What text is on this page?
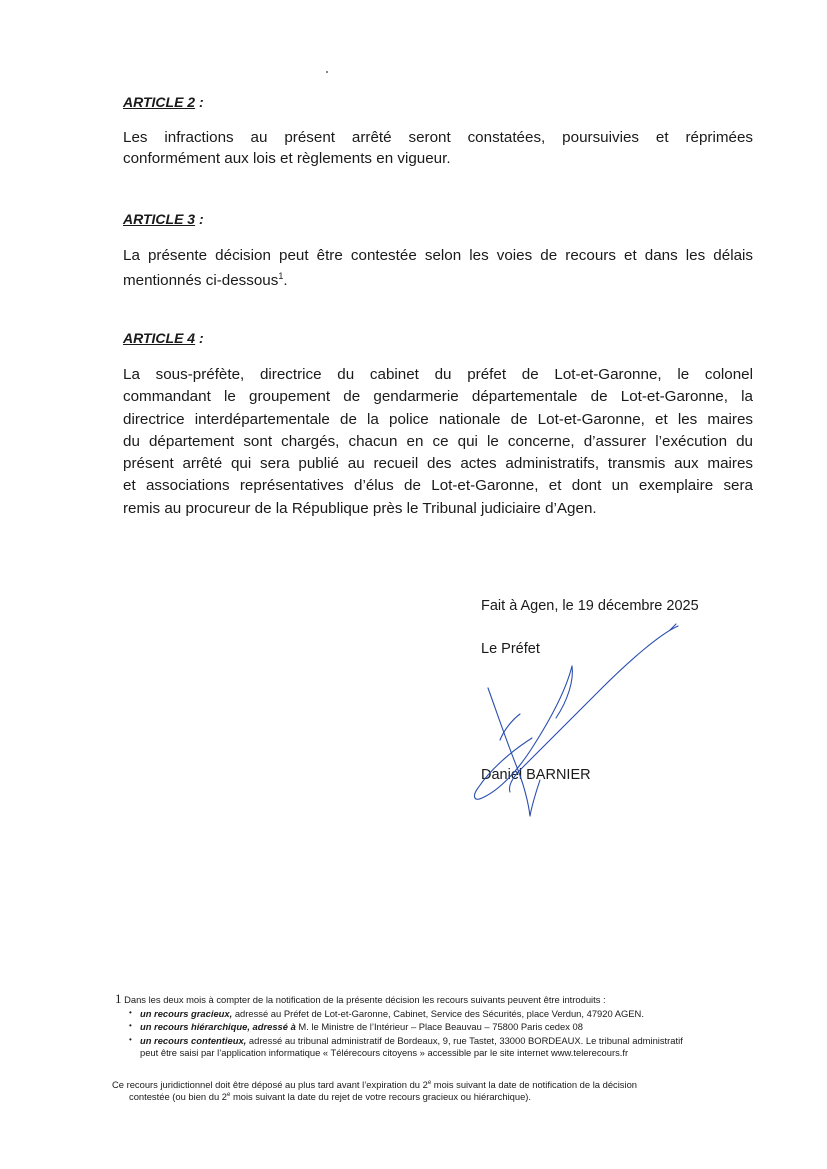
ARTICLE 2 :
Les infractions au présent arrêté seront constatées, poursuivies et réprimées
conformément aux lois et règlements en vigueur.
ARTICLE 3 :
La présente décision peut être contestée selon les voies de recours et dans les délais
mentionnés ci-dessous$^1$.
ARTICLE 4 :
La sous-préfète, directrice du cabinet du préfet de Lot-et-Garonne, le colonel
commandant le groupement de gendarmerie départementale de Lot-et-Garonne, la
directrice interdépartementale de la police nationale de Lot-et-Garonne, et les maires
du département sont chargés, chacun en ce qui le concerne, d’assurer l’exécution du
présent arrêté qui sera publié au recueil des actes administratifs, transmis aux maires
et associations représentatives d’élus de Lot-et-Garonne, et dont un exemplaire sera
remis au procureur de la République près le Tribunal judiciaire d’Agen.
Fait à Agen, le 19 décembre 2025
Le Préfet
Daniel BARNIER
1 Dans les deux mois à compter de la notification de la présente décision les recours suivants peuvent être introduits :
• un recours gracieux, adressé au Préfet de Lot-et-Garonne, Cabinet, Service des Sécurités, place Verdun, 47920 AGEN.
• un recours hiérarchique, adressé à M. le Ministre de l’Intérieur – Place Beauvau – 75800 Paris cedex 08
• un recours contentieux, adressé au tribunal administratif de Bordeaux, 9, rue Tastet, 33000 BORDEAUX. Le tribunal administratif
peut être saisi par l’application informatique « Télérecours citoyens » accessible par le site internet www.telerecours.fr
Ce recours juridictionnel doit être déposé au plus tard avant l’expiration du 2e mois suivant la date de notification de la décision
contestée (ou bien du 2e mois suivant la date du rejet de votre recours gracieux ou hiérarchique).
